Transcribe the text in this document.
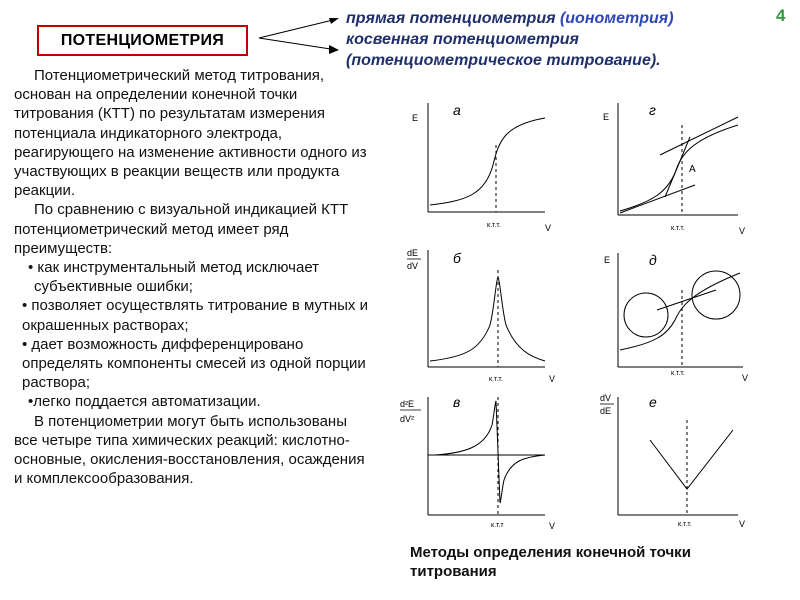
ПОТЕНЦИОМЕТРИЯ
прямая потенциометрия (ионометрия)
косвенная потенциометрия
(потенциометрическое титрование).
4

Потенциометрический метод титрования, основан на определении конечной точки титрования (КТТ) по результатам измерения потенциала индикаторного электрода, реагирующего на изменение активности одного из участвующих в реакции веществ или продукта реакции.

По сравнению с визуальной индикацией КТТ потенциометрический метод имеет ряд преимуществ:

• как инструментальный метод исключает субъективные ошибки;

• позволяет осуществлять титрование в мутных и окрашенных растворах;

• дает возможность дифференцировано определять компоненты смесей из одной порции раствора;

•легко поддается автоматизации.

В потенциометрии могут быть использованы все четыре типа химических реакций: кислотно-основные, окисления-восстановления, осаждения и комплексообразования.

E
V
к.т.т.
E
V
к.т.т.
A
dE
dV
V
к.т.т.
E
V
к.т.т.
d²E
dV²
V
к.т.т
dV
dE
V
к.т.т.
а	г
б	д
в	е
Методы определения конечной точки титрования
